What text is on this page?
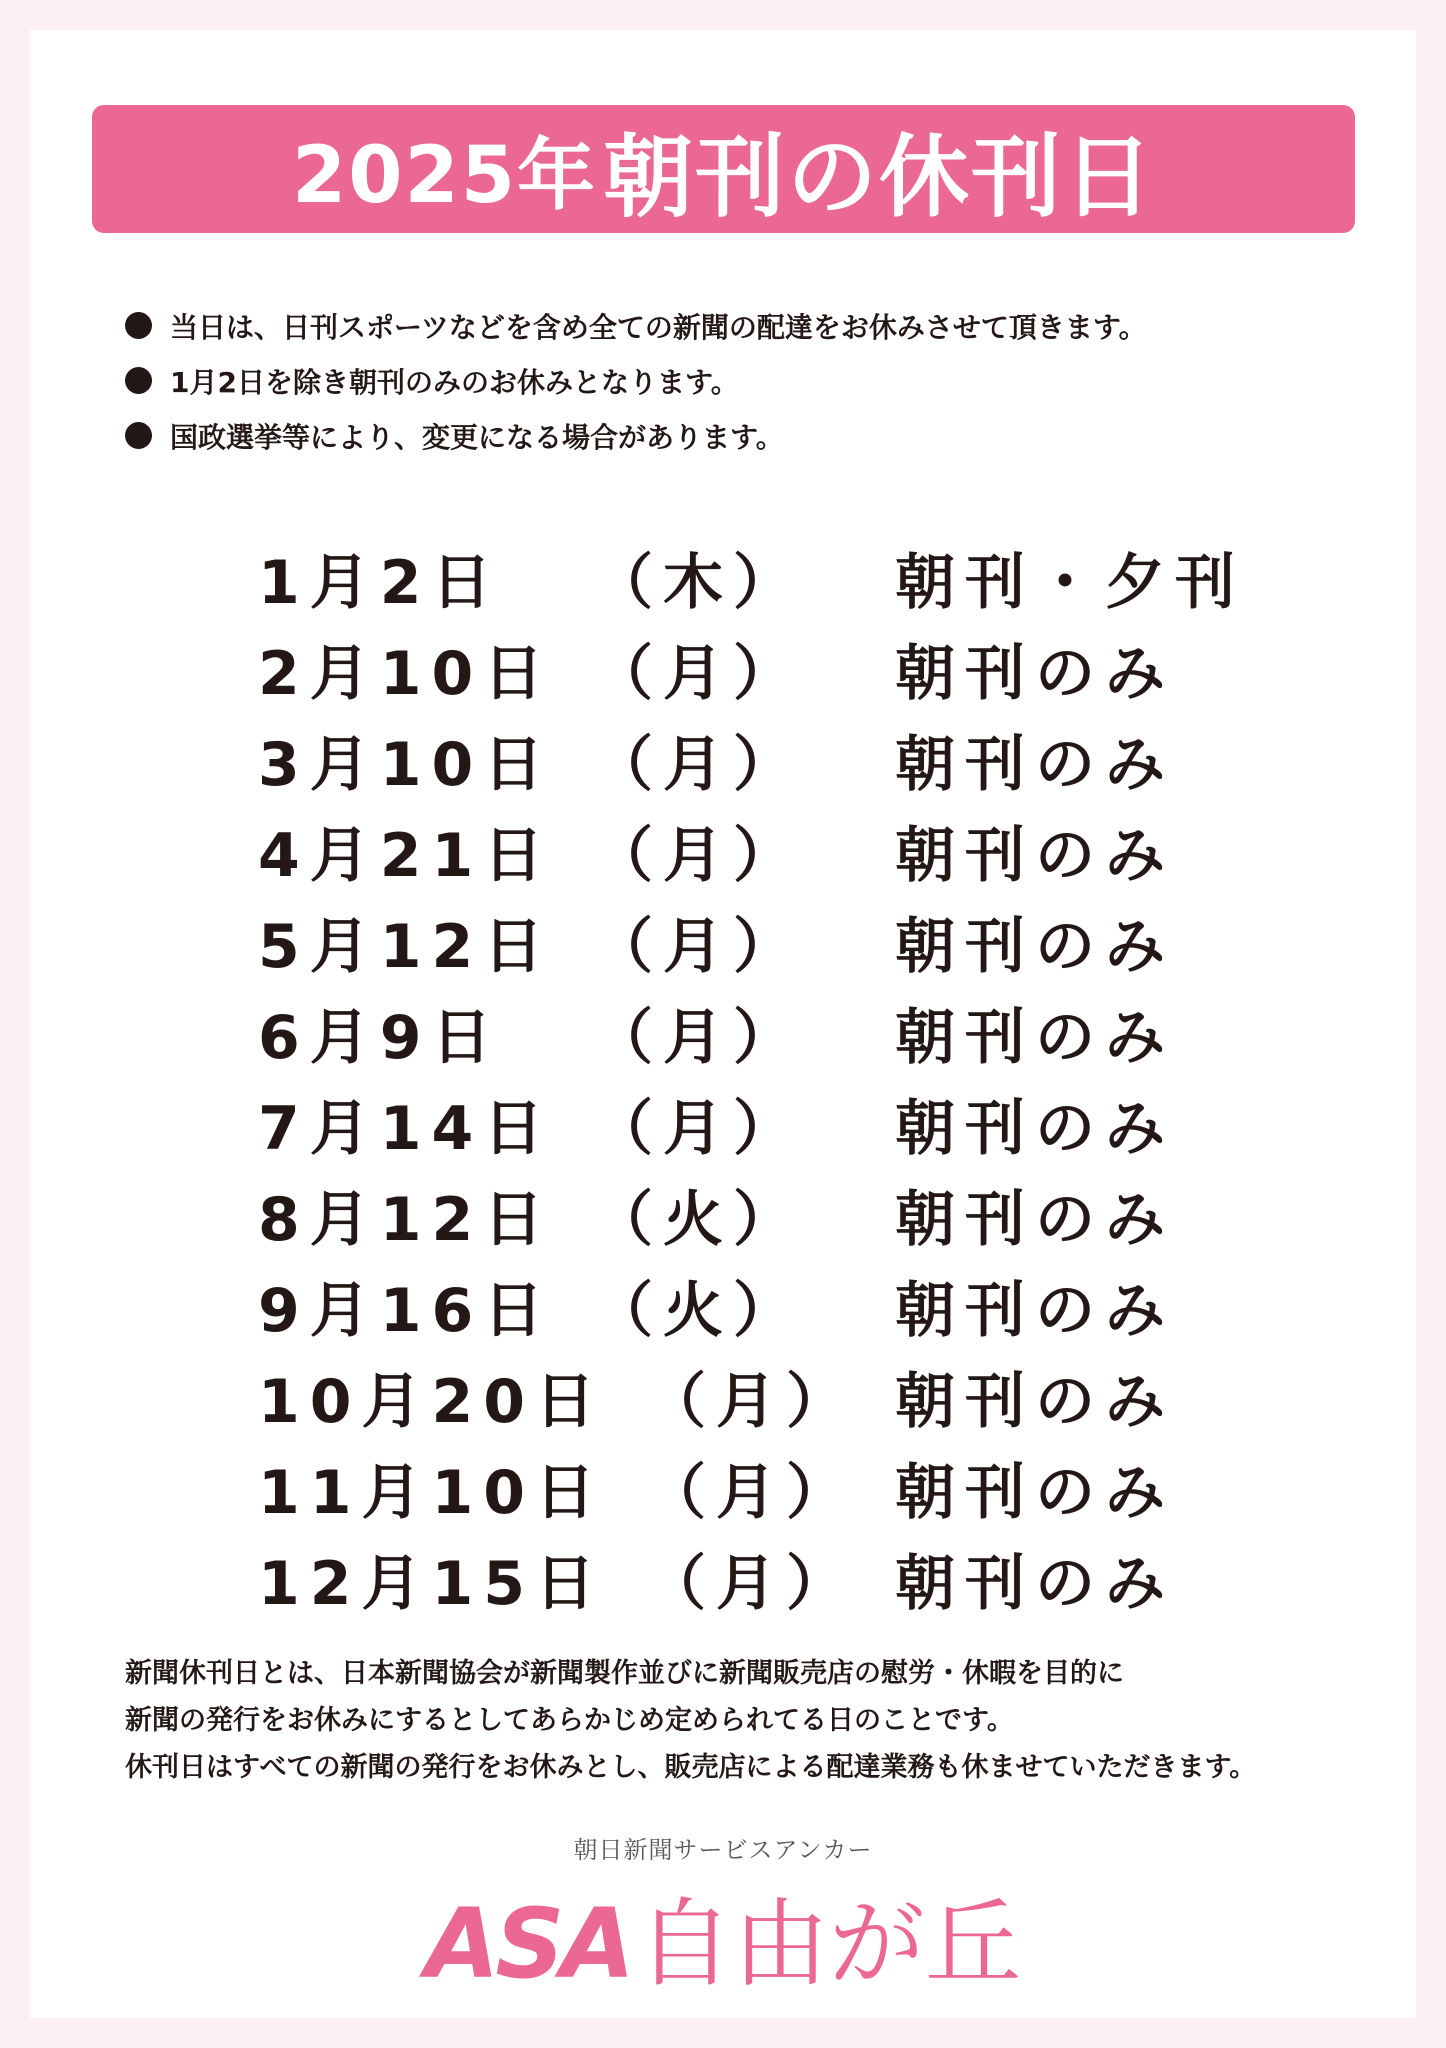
2025年 朝刊の休刊日
当日は、日刊スポーツなどを含め全ての新聞の配達をお休みさせて頂きます。
1月2日を除き朝刊のみのお休みとなります。
国政選挙等により、変更になる場合があります。
1月2日 （木） 朝刊・夕刊
2月10日 （月） 朝刊のみ
3月10日 （月） 朝刊のみ
4月21日 （月） 朝刊のみ
5月12日 （月） 朝刊のみ
6月9日 （月） 朝刊のみ
7月14日 （月） 朝刊のみ
8月12日 （火） 朝刊のみ
9月16日 （火） 朝刊のみ
10月20日 （月） 朝刊のみ
11月10日 （月） 朝刊のみ
12月15日 （月） 朝刊のみ
新聞休刊日とは、日本新聞協会が新聞製作並びに新聞販売店の慰労・休暇を目的に
新聞の発行をお休みにするとしてあらかじめ定められてる日のことです。
休刊日はすべての新聞の発行をお休みとし、販売店による配達業務も休ませていただきます。
朝日新聞サービスアンカー
ASA自由が丘
